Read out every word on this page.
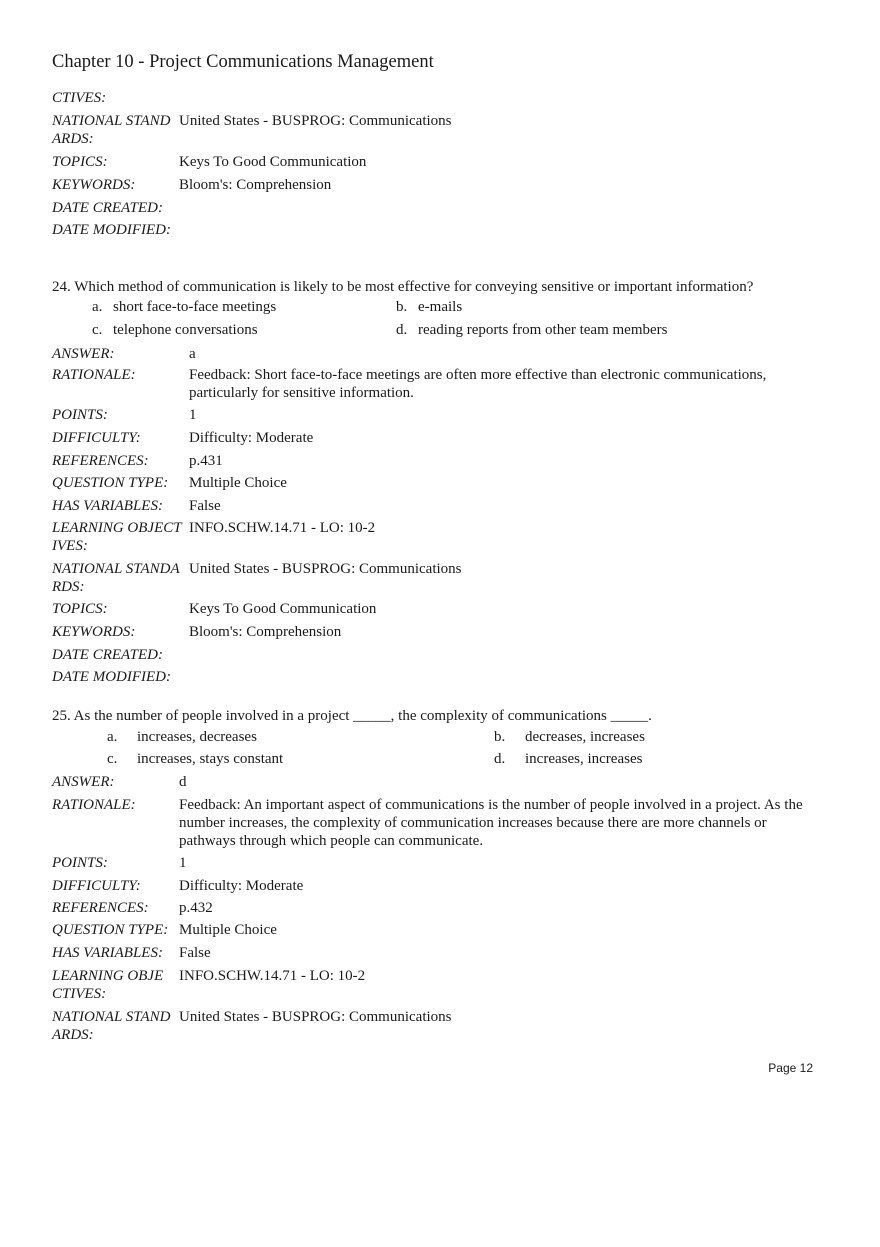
Chapter 10 - Project Communications Management
CTIVES:
NATIONAL STAND
ARDS:
United States - BUSPROG: Communications
TOPICS:	Keys To Good Communication
KEYWORDS:	Bloom's: Comprehension
DATE CREATED:
DATE MODIFIED:
24. Which method of communication is likely to be most effective for conveying sensitive or important information?
a. short face-to-face meetings	b. e-mails
c. telephone conversations	d. reading reports from other team members
ANSWER:	a
RATIONALE:	Feedback: Short face-to-face meetings are often more effective than electronic communications, particularly for sensitive information.
POINTS:	1
DIFFICULTY:	Difficulty: Moderate
REFERENCES:	p.431
QUESTION TYPE: Multiple Choice
HAS VARIABLES: False
LEARNING OBJECT
IVES:
INFO.SCHW.14.71 - LO: 10-2
NATIONAL STANDA
RDS:
United States - BUSPROG: Communications
TOPICS:	Keys To Good Communication
KEYWORDS:	Bloom's: Comprehension
DATE CREATED:
DATE MODIFIED:
25. As the number of people involved in a project _____, the complexity of communications _____.
a. increases, decreases	b. decreases, increases
c. increases, stays constant	d. increases, increases
ANSWER:	d
RATIONALE:	Feedback: An important aspect of communications is the number of people involved in a project. As the number increases, the complexity of communication increases because there are more channels or pathways through which people can communicate.
POINTS:	1
DIFFICULTY:	Difficulty: Moderate
REFERENCES: p.432
QUESTION TYPE: Multiple Choice
HAS VARIABLES: False
LEARNING OBJE
CTIVES:
INFO.SCHW.14.71 - LO: 10-2
NATIONAL STAND
ARDS:
United States - BUSPROG: Communications
Page 12
